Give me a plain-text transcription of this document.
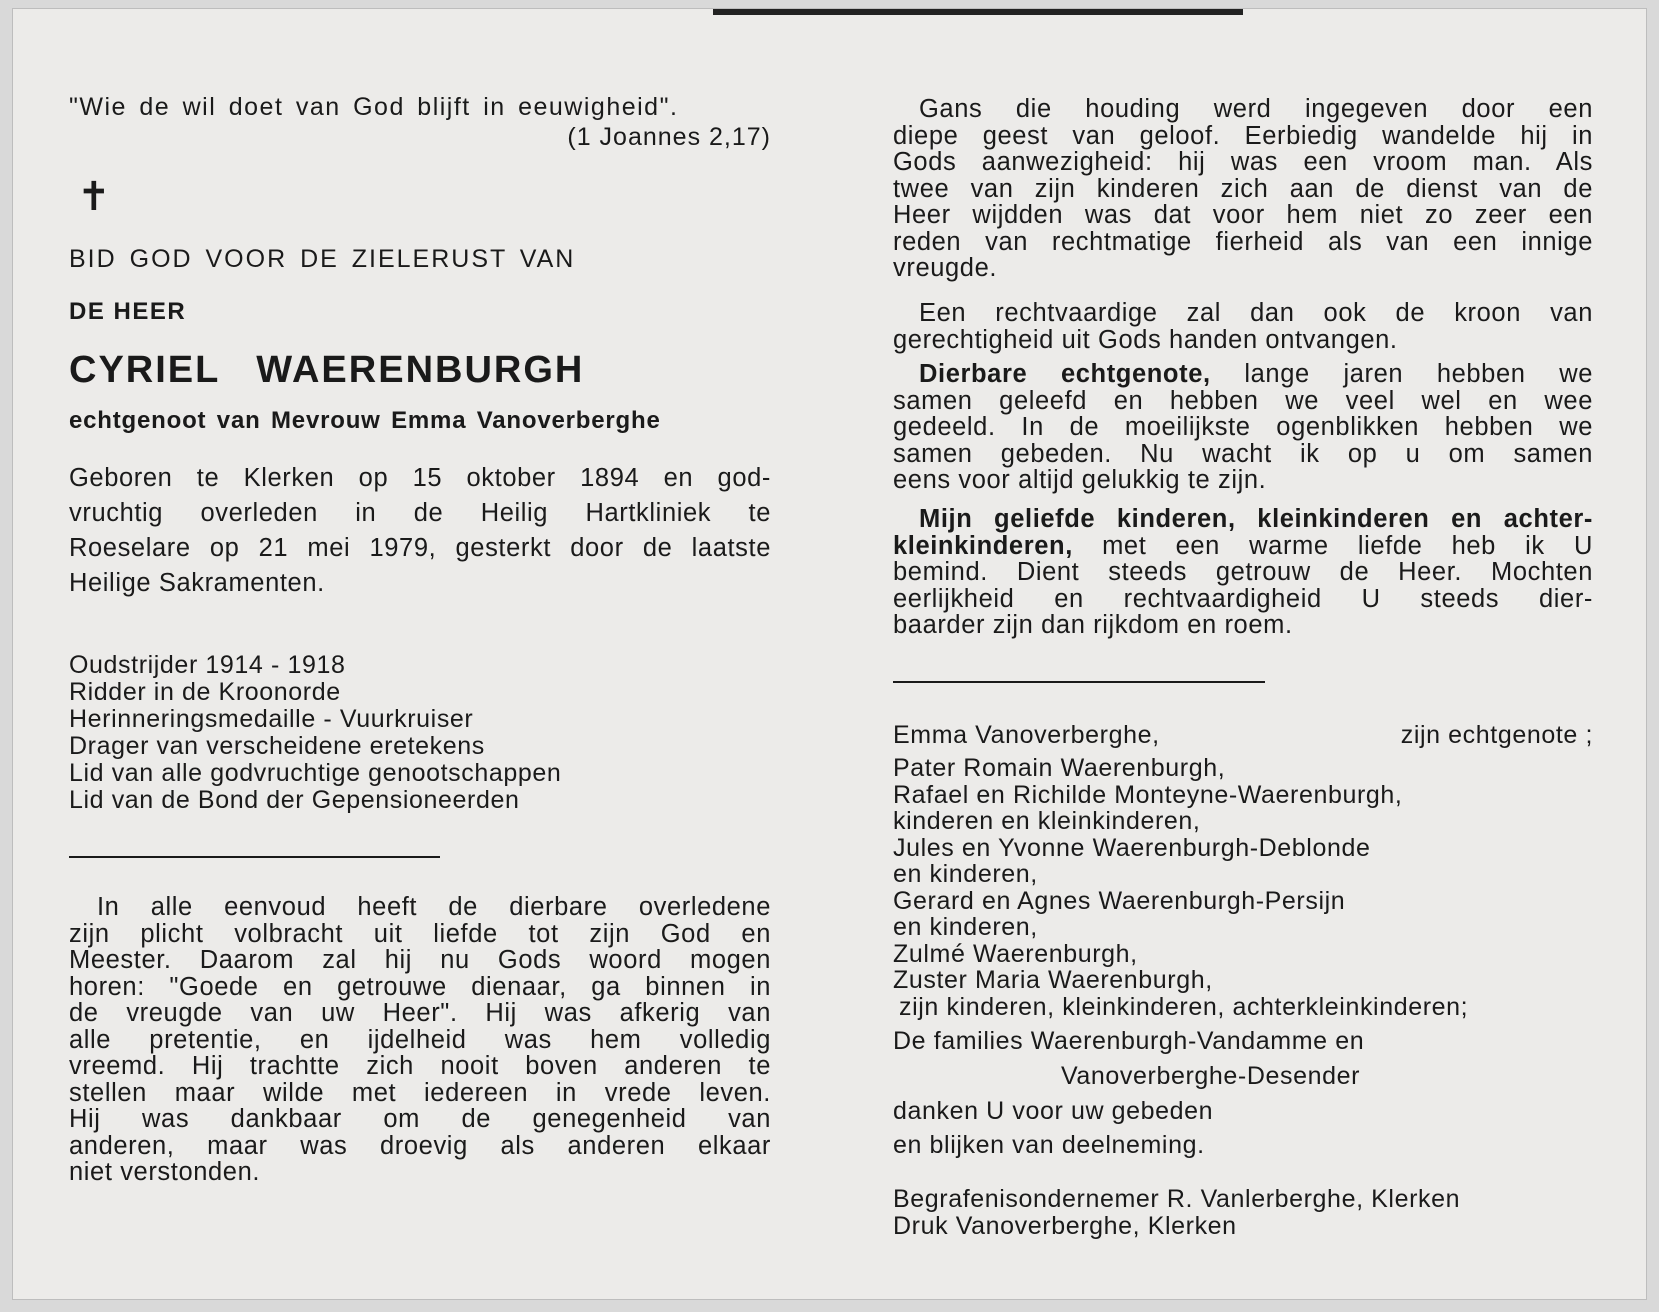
"Wie de wil doet van God blijft in eeuwigheid".
(1 Joannes 2,17)
✝
BID GOD VOOR DE ZIELERUST VAN
DE HEER
CYRIEL WAERENBURGH
echtgenoot van Mevrouw Emma Vanoverberghe
Geboren te Klerken op 15 oktober 1894 en god-
vruchtig overleden in de Heilig Hartkliniek te
Roeselare op 21 mei 1979, gesterkt door de laatste
Heilige Sakramenten.
Oudstrijder 1914 - 1918
Ridder in de Kroonorde
Herinneringsmedaille - Vuurkruiser
Drager van verscheidene eretekens
Lid van alle godvruchtige genootschappen
Lid van de Bond der Gepensioneerden
In alle eenvoud heeft de dierbare overledene
zijn plicht volbracht uit liefde tot zijn God en
Meester. Daarom zal hij nu Gods woord mogen
horen: "Goede en getrouwe dienaar, ga binnen in
de vreugde van uw Heer". Hij was afkerig van
alle pretentie, en ijdelheid was hem volledig
vreemd. Hij trachtte zich nooit boven anderen te
stellen maar wilde met iedereen in vrede leven.
Hij was dankbaar om de genegenheid van
anderen, maar was droevig als anderen elkaar
niet verstonden.
Gans die houding werd ingegeven door een
diepe geest van geloof. Eerbiedig wandelde hij in
Gods aanwezigheid: hij was een vroom man. Als
twee van zijn kinderen zich aan de dienst van de
Heer wijdden was dat voor hem niet zo zeer een
reden van rechtmatige fierheid als van een innige
vreugde.
Een rechtvaardige zal dan ook de kroon van
gerechtigheid uit Gods handen ontvangen.
Dierbare echtgenote, lange jaren hebben we
samen geleefd en hebben we veel wel en wee
gedeeld. In de moeilijkste ogenblikken hebben we
samen gebeden. Nu wacht ik op u om samen
eens voor altijd gelukkig te zijn.
Mijn geliefde kinderen, kleinkinderen en achter-
kleinkinderen, met een warme liefde heb ik U
bemind. Dient steeds getrouw de Heer. Mochten
eerlijkheid en rechtvaardigheid U steeds dier-
baarder zijn dan rijkdom en roem.
Emma Vanoverberghe,	zijn echtgenote ;
Pater Romain Waerenburgh,
Rafael en Richilde Monteyne-Waerenburgh,
kinderen en kleinkinderen,
Jules en Yvonne Waerenburgh-Deblonde
en kinderen,
Gerard en Agnes Waerenburgh-Persijn
en kinderen,
Zulmé Waerenburgh,
Zuster Maria Waerenburgh,
zijn kinderen, kleinkinderen, achterkleinkinderen;
De families Waerenburgh-Vandamme en
Vanoverberghe-Desender
danken U voor uw gebeden
en blijken van deelneming.
Begrafenisondernemer R. Vanlerberghe, Klerken
Druk Vanoverberghe, Klerken
